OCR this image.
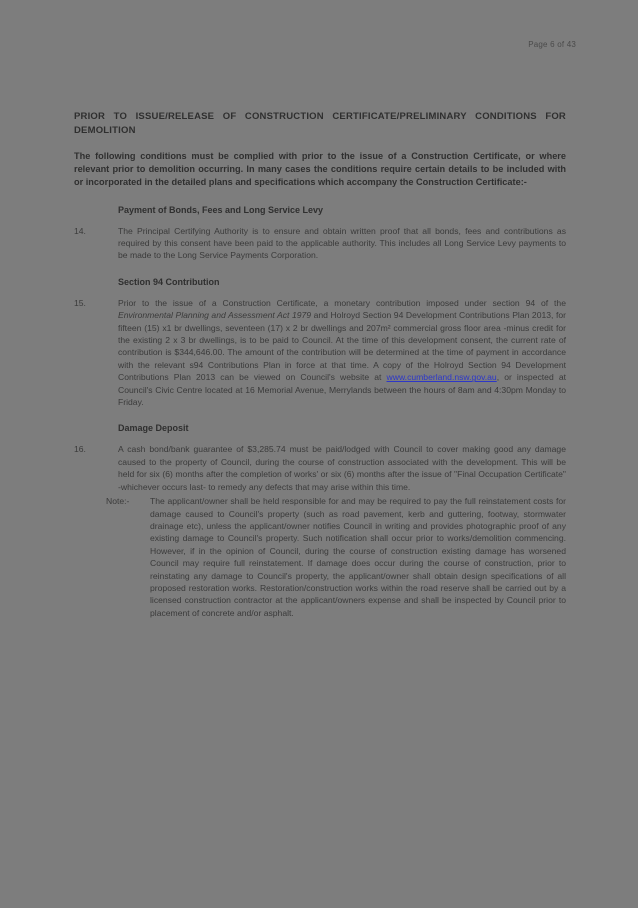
Page 6 of 43
PRIOR TO ISSUE/RELEASE OF CONSTRUCTION CERTIFICATE/PRELIMINARY CONDITIONS FOR DEMOLITION

The following conditions must be complied with prior to the issue of a Construction Certificate, or where relevant prior to demolition occurring. In many cases the conditions require certain details to be included with or incorporated in the detailed plans and specifications which accompany the Construction Certificate:-

Payment of Bonds, Fees and Long Service Levy
14.	The Principal Certifying Authority is to ensure and obtain written proof that all bonds, fees and contributions as required by this consent have been paid to the applicable authority. This includes all Long Service Levy payments to be made to the Long Service Payments Corporation.
Section 94 Contribution
15.	Prior to the issue of a Construction Certificate, a monetary contribution imposed under section 94 of the Environmental Planning and Assessment Act 1979 and Holroyd Section 94 Development Contributions Plan 2013, for fifteen (15) x1 br dwellings, seventeen (17) x 2 br dwellings and 207m² commercial gross floor area -minus credit for the existing 2 x 3 br dwellings, is to be paid to Council. At the time of this development consent, the current rate of contribution is $344,646.00. The amount of the contribution will be determined at the time of payment in accordance with the relevant s94 Contributions Plan in force at that time. A copy of the Holroyd Section 94 Development Contributions Plan 2013 can be viewed on Council's website at www.cumberland.nsw.gov.au, or inspected at Council's Civic Centre located at 16 Memorial Avenue, Merrylands between the hours of 8am and 4:30pm Monday to Friday.
Damage Deposit
16.	A cash bond/bank guarantee of $3,285.74 must be paid/lodged with Council to cover making good any damage caused to the property of Council, during the course of construction associated with the development. This will be held for six (6) months after the completion of works' or six (6) months after the issue of "Final Occupation Certificate" -whichever occurs last- to remedy any defects that may arise within this time.
Note:-	The applicant/owner shall be held responsible for and may be required to pay the full reinstatement costs for damage caused to Council's property (such as road pavement, kerb and guttering, footway, stormwater drainage etc), unless the applicant/owner notifies Council in writing and provides photographic proof of any existing damage to Council's property. Such notification shall occur prior to works/demolition commencing. However, if in the opinion of Council, during the course of construction existing damage has worsened Council may require full reinstatement. If damage does occur during the course of construction, prior to reinstating any damage to Council's property, the applicant/owner shall obtain design specifications of all proposed restoration works. Restoration/construction works within the road reserve shall be carried out by a licensed construction contractor at the applicant/owners expense and shall be inspected by Council prior to placement of concrete and/or asphalt.
